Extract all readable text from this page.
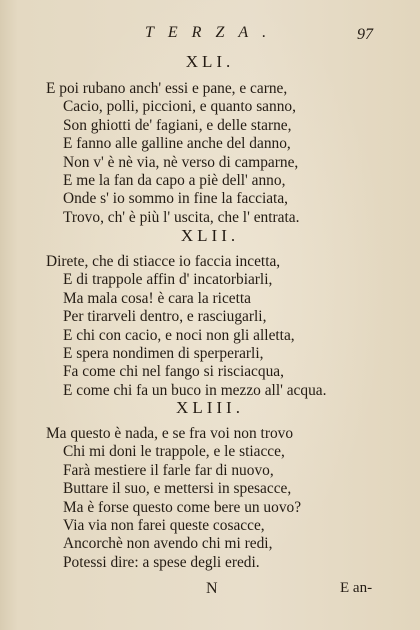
TERZA.	97
XLI.
E poi rubano anch' essi e pane, e carne,
Cacio, polli, piccioni, e quanto sanno,
Son ghiotti de' fagiani, e delle starne,
E fanno alle galline anche del danno,
Non v' è nè via, nè verso di camparne,
E me la fan da capo a piè dell' anno,
Onde s' io sommo in fine la facciata,
Trovo, ch' è più l' uscita, che l' entrata.
XLII.
Direte, che di stiacce io faccia incetta,
E di trappole affin d' incatorbiarli,
Ma mala cosa! è cara la ricetta
Per tirarveli dentro, e rasciugarli,
E chi con cacio, e noci non gli alletta,
E spera nondimen di sperperarli,
Fa come chi nel fango si risciacqua,
E come chi fa un buco in mezzo all' acqua.
XLIII.
Ma questo è nada, e se fra voi non trovo
Chi mi doni le trappole, e le stiacce,
Farà mestiere il farle far di nuovo,
Buttare il suo, e mettersi in spesacce,
Ma è forse questo come bere un uovo?
Via via non farei queste cosacce,
Ancorchè non avendo chi mi redi,
Potessi dire: a spese degli eredi.
N	E an-
